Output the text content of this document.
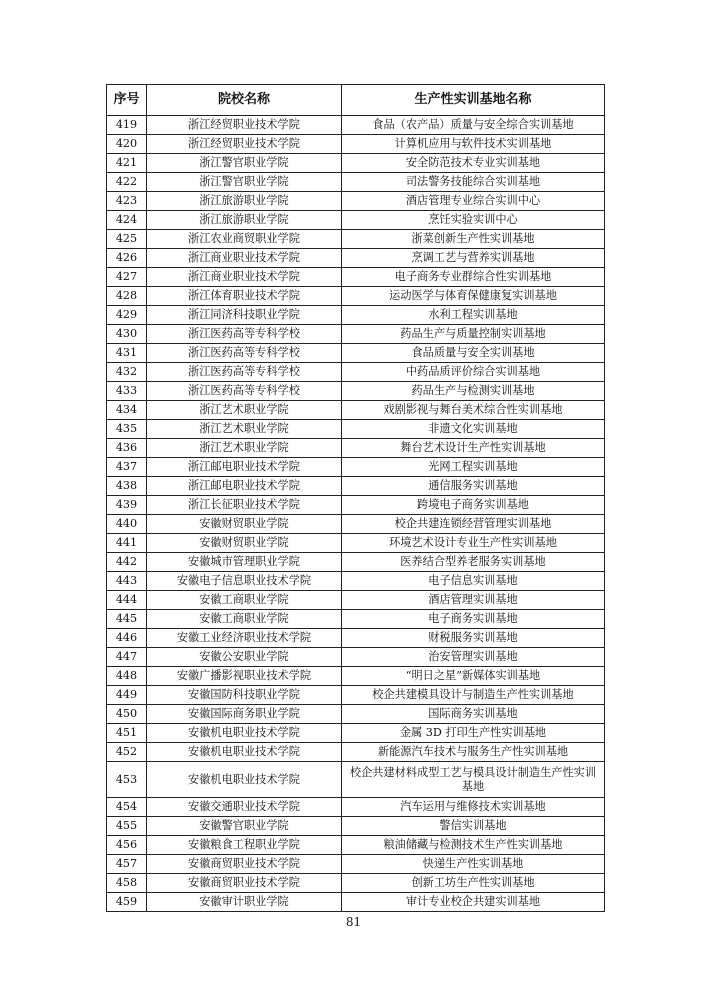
序号	院校名称	生产性实训基地名称
419	浙江经贸职业技术学院	食品（农产品）质量与安全综合实训基地
420	浙江经贸职业技术学院	计算机应用与软件技术实训基地
421	浙江警官职业学院	安全防范技术专业实训基地
422	浙江警官职业学院	司法警务技能综合实训基地
423	浙江旅游职业学院	酒店管理专业综合实训中心
424	浙江旅游职业学院	烹饪实验实训中心
425	浙江农业商贸职业学院	浙菜创新生产性实训基地
426	浙江商业职业技术学院	烹调工艺与营养实训基地
427	浙江商业职业技术学院	电子商务专业群综合性实训基地
428	浙江体育职业技术学院	运动医学与体育保健康复实训基地
429	浙江同济科技职业学院	水利工程实训基地
430	浙江医药高等专科学校	药品生产与质量控制实训基地
431	浙江医药高等专科学校	食品质量与安全实训基地
432	浙江医药高等专科学校	中药品质评价综合实训基地
433	浙江医药高等专科学校	药品生产与检测实训基地
434	浙江艺术职业学院	戏剧影视与舞台美术综合性实训基地
435	浙江艺术职业学院	非遗文化实训基地
436	浙江艺术职业学院	舞台艺术设计生产性实训基地
437	浙江邮电职业技术学院	光网工程实训基地
438	浙江邮电职业技术学院	通信服务实训基地
439	浙江长征职业技术学院	跨境电子商务实训基地
440	安徽财贸职业学院	校企共建连锁经营管理实训基地
441	安徽财贸职业学院	环境艺术设计专业生产性实训基地
442	安徽城市管理职业学院	医养结合型养老服务实训基地
443	安徽电子信息职业技术学院	电子信息实训基地
444	安徽工商职业学院	酒店管理实训基地
445	安徽工商职业学院	电子商务实训基地
446	安徽工业经济职业技术学院	财税服务实训基地
447	安徽公安职业学院	治安管理实训基地
448	安徽广播影视职业技术学院	“明日之星”新媒体实训基地
449	安徽国防科技职业学院	校企共建模具设计与制造生产性实训基地
450	安徽国际商务职业学院	国际商务实训基地
451	安徽机电职业技术学院	金属 3D 打印生产性实训基地
452	安徽机电职业技术学院	新能源汽车技术与服务生产性实训基地
453	安徽机电职业技术学院	校企共建材料成型工艺与模具设计制造生产性实训基地
454	安徽交通职业技术学院	汽车运用与维修技术实训基地
455	安徽警官职业学院	警信实训基地
456	安徽粮食工程职业学院	粮油储藏与检测技术生产性实训基地
457	安徽商贸职业技术学院	快递生产性实训基地
458	安徽商贸职业技术学院	创新工坊生产性实训基地
459	安徽审计职业学院	审计专业校企共建实训基地
81
